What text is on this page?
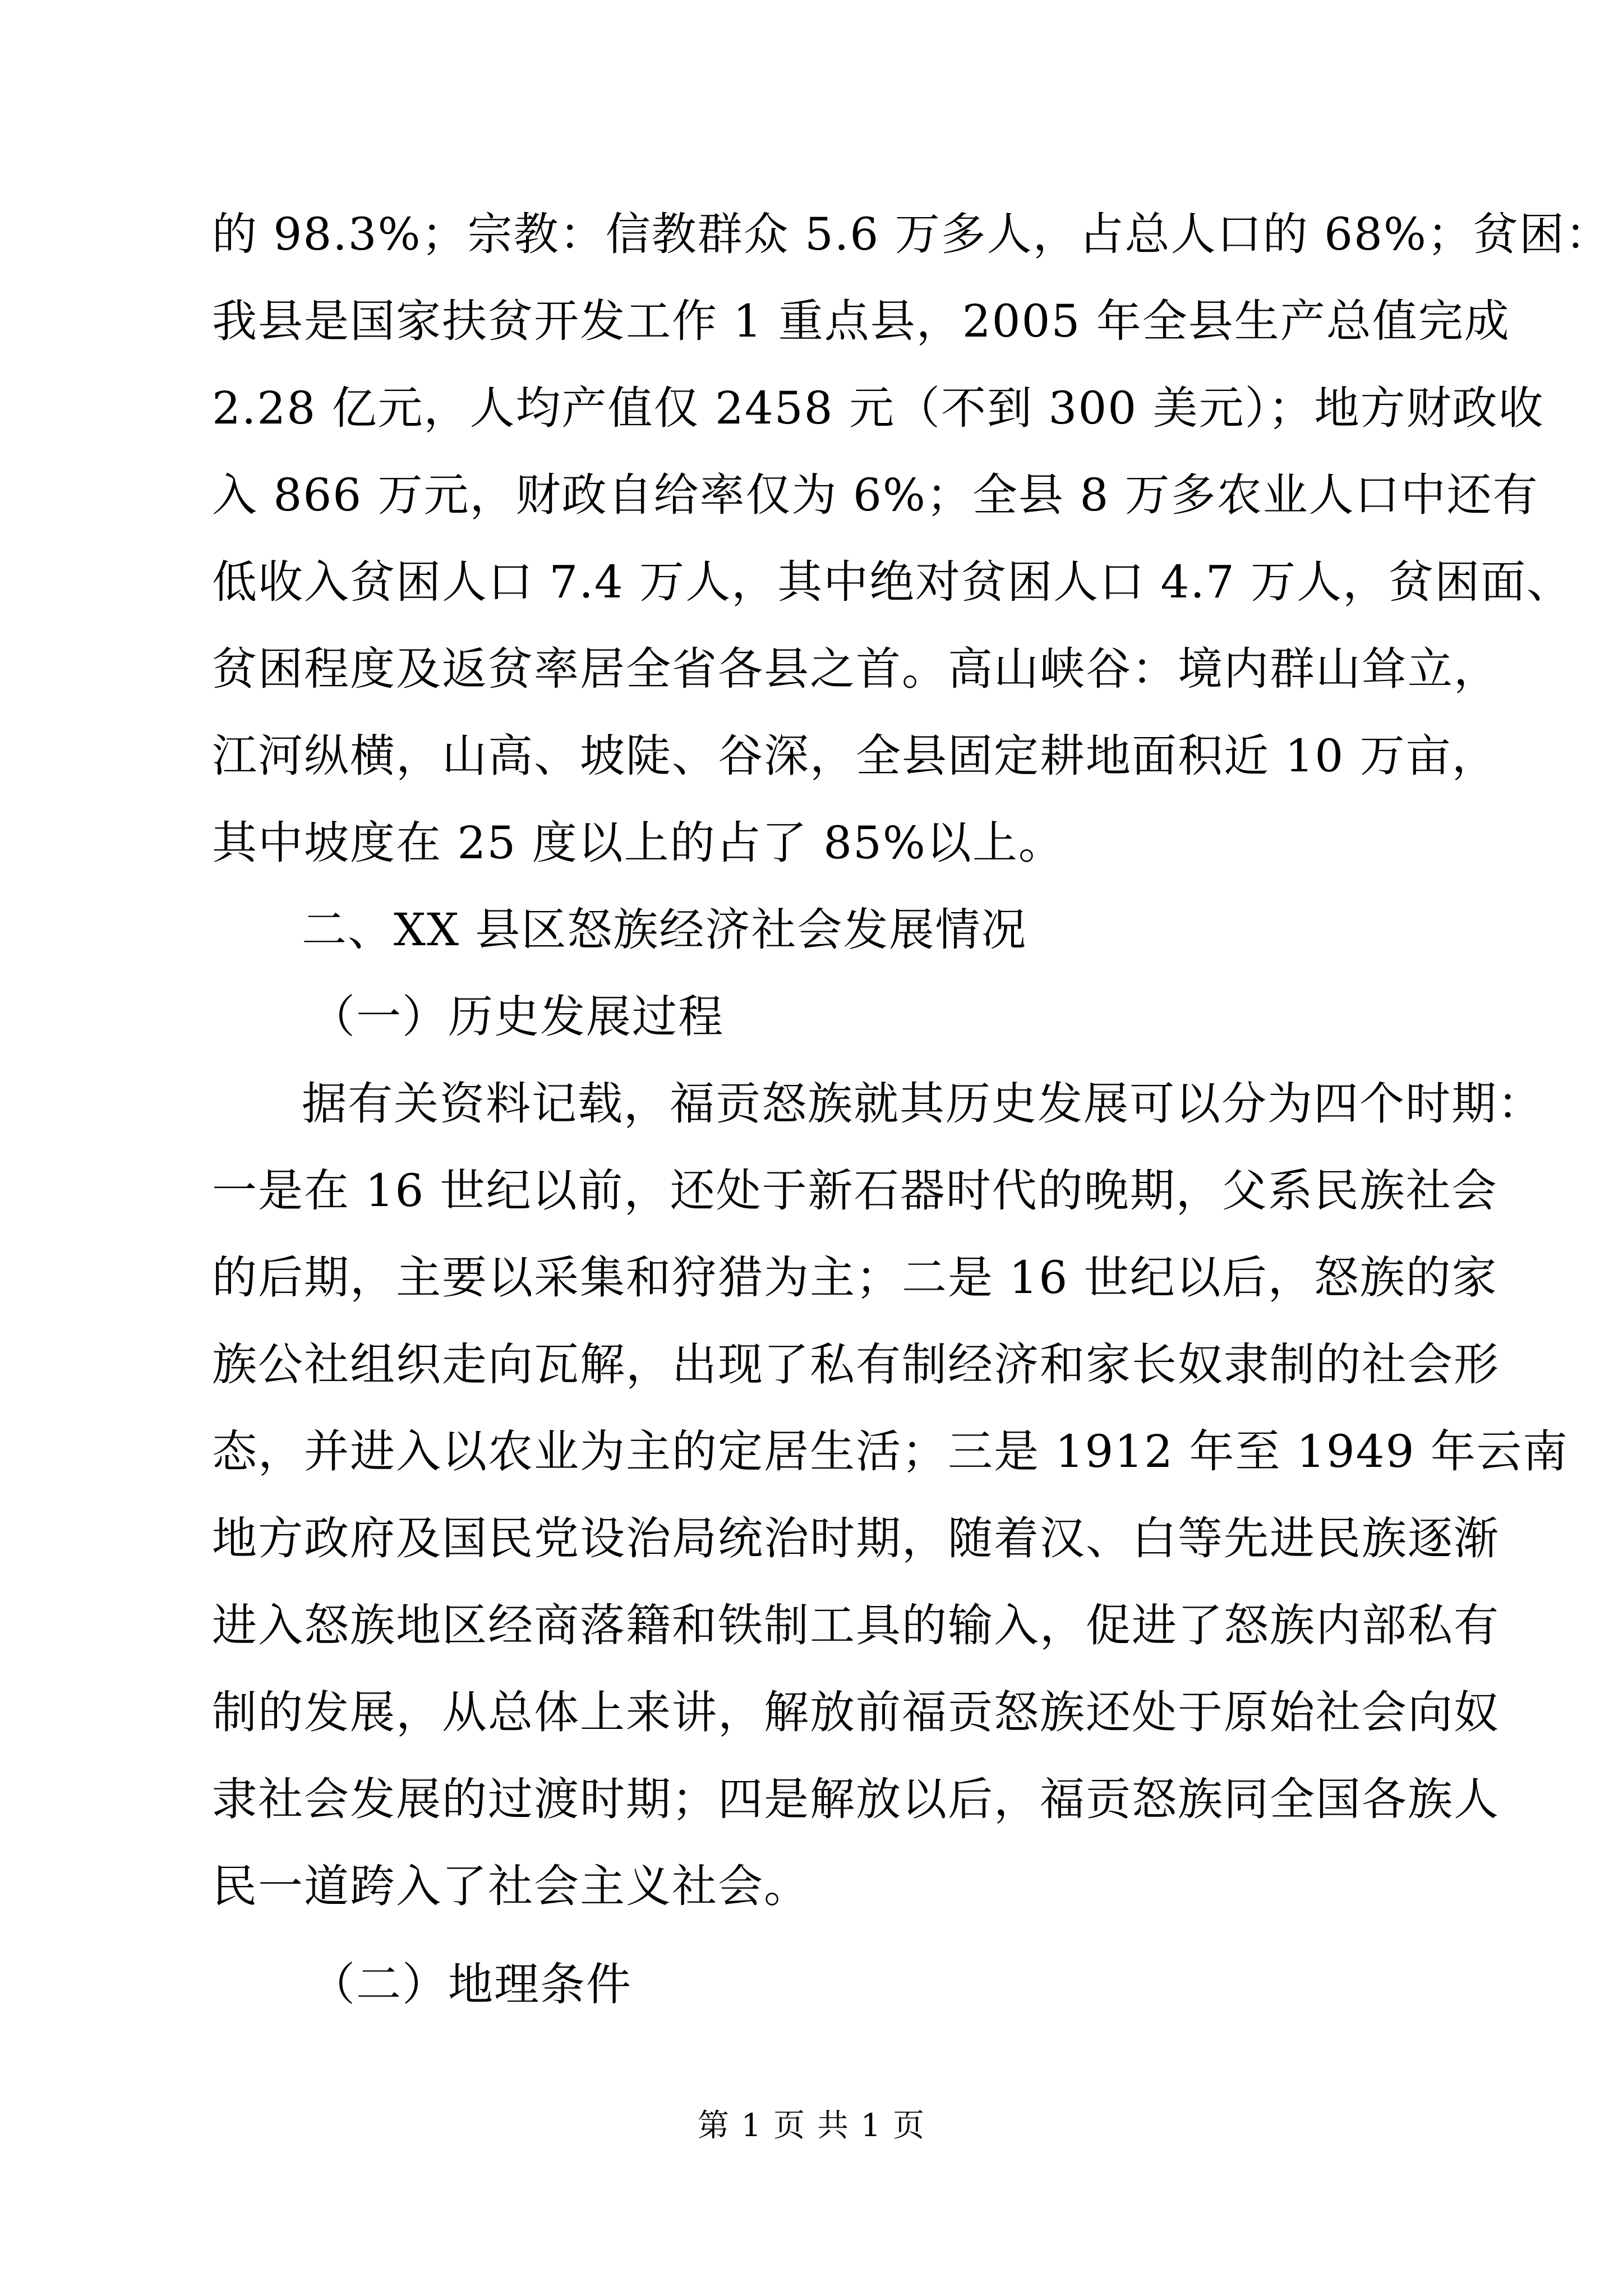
的 98.3%；宗教：信教群众 5.6 万多人，占总人口的 68%；贫困：
我县是国家扶贫开发工作 1 重点县，2005 年全县生产总值完成
2.28 亿元，人均产值仅 2458 元（不到 300 美元）；地方财政收
入 866 万元，财政自给率仅为 6%；全县 8 万多农业人口中还有
低收入贫困人口 7.4 万人，其中绝对贫困人口 4.7 万人，贫困面、
贫困程度及返贫率居全省各县之首。高山峡谷：境内群山耸立，
江河纵横，山高、坡陡、谷深，全县固定耕地面积近 10 万亩，
其中坡度在 25 度以上的占了 85%以上。
二、XX 县区怒族经济社会发展情况
（一）历史发展过程
据有关资料记载，福贡怒族就其历史发展可以分为四个时期：
一是在 16 世纪以前，还处于新石器时代的晚期，父系民族社会
的后期，主要以采集和狩猎为主；二是 16 世纪以后，怒族的家
族公社组织走向瓦解，出现了私有制经济和家长奴隶制的社会形
态，并进入以农业为主的定居生活；三是 1912 年至 1949 年云南
地方政府及国民党设治局统治时期，随着汉、白等先进民族逐渐
进入怒族地区经商落籍和铁制工具的输入，促进了怒族内部私有
制的发展，从总体上来讲，解放前福贡怒族还处于原始社会向奴
隶社会发展的过渡时期；四是解放以后，福贡怒族同全国各族人
民一道跨入了社会主义社会。
（二）地理条件
第 1 页 共 1 页
